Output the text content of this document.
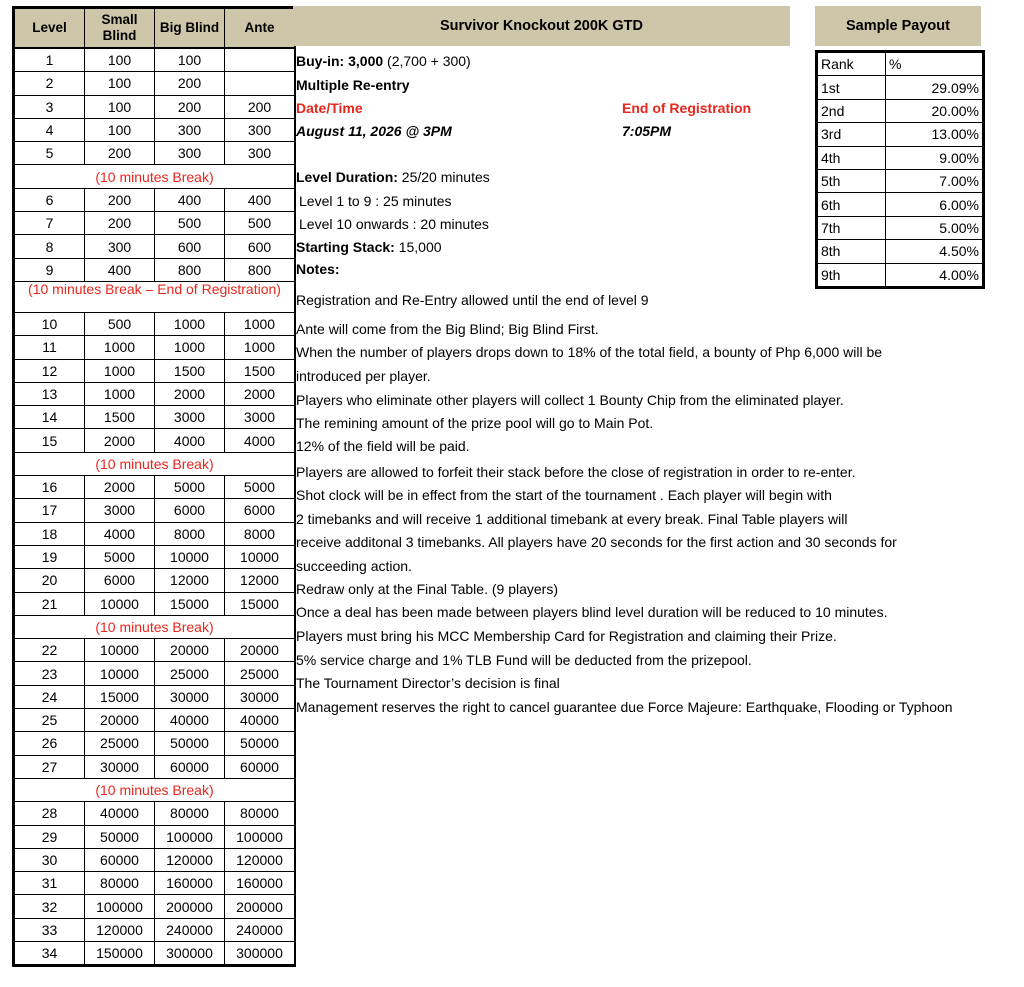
Level	Small Blind	Big Blind	Ante
1	100	100	
2	100	200	
3	100	200	200
4	100	300	300
5	200	300	300
(10 minutes Break)			
6	200	400	400
7	200	500	500
8	300	600	600
9	400	800	800
(10 minutes Break – End of Registration)			
10	500	1000	1000
11	1000	1000	1000
12	1000	1500	1500
13	1000	2000	2000
14	1500	3000	3000
15	2000	4000	4000
(10 minutes Break)			
16	2000	5000	5000
17	3000	6000	6000
18	4000	8000	8000
19	5000	10000	10000
20	6000	12000	12000
21	10000	15000	15000
(10 minutes Break)			
22	10000	20000	20000
23	10000	25000	25000
24	15000	30000	30000
25	20000	40000	40000
26	25000	50000	50000
27	30000	60000	60000
(10 minutes Break)			
28	40000	80000	80000
29	50000	100000	100000
30	60000	120000	120000
31	80000	160000	160000
32	100000	200000	200000
33	120000	240000	240000
34	150000	300000	300000
Survivor Knockout 200K GTD
Buy-in: 3,000 (2,700 + 300)
Multiple Re-entry
Date/Time	End of Registration
August 11, 2026 @ 3PM	7:05PM
Level Duration: 25/20 minutes
Level 1 to 9 : 25 minutes
Level 10 onwards : 20 minutes
Starting Stack: 15,000
Notes:
Registration and Re-Entry allowed until the end of level 9
Ante will come from the Big Blind; Big Blind First.
When the number of players drops down to 18% of the total field, a bounty of Php 6,000 will be
introduced per player.
Players who eliminate other players will collect 1 Bounty Chip from the eliminated player.
The remining amount of the prize pool will go to Main Pot.
12% of the field will be paid.
Players are allowed to forfeit their stack before the close of registration in order to re-enter.
Shot clock will be in effect from the start of the tournament . Each player will begin with
2 timebanks and will receive 1 additional timebank at every break. Final Table players will
receive additonal 3 timebanks. All players have 20 seconds for the first action and 30 seconds for
succeeding action.
Redraw only at the Final Table. (9 players)
Once a deal has been made between players blind level duration will be reduced to 10 minutes.
Players must bring his MCC Membership Card for Registration and claiming their Prize.
5% service charge and 1% TLB Fund will be deducted from the prizepool.
The Tournament Director’s decision is final
Management reserves the right to cancel guarantee due Force Majeure: Earthquake, Flooding or Typhoon
Sample Payout
Rank	%
1st	29.09%
2nd	20.00%
3rd	13.00%
4th	9.00%
5th	7.00%
6th	6.00%
7th	5.00%
8th	4.50%
9th	4.00%
